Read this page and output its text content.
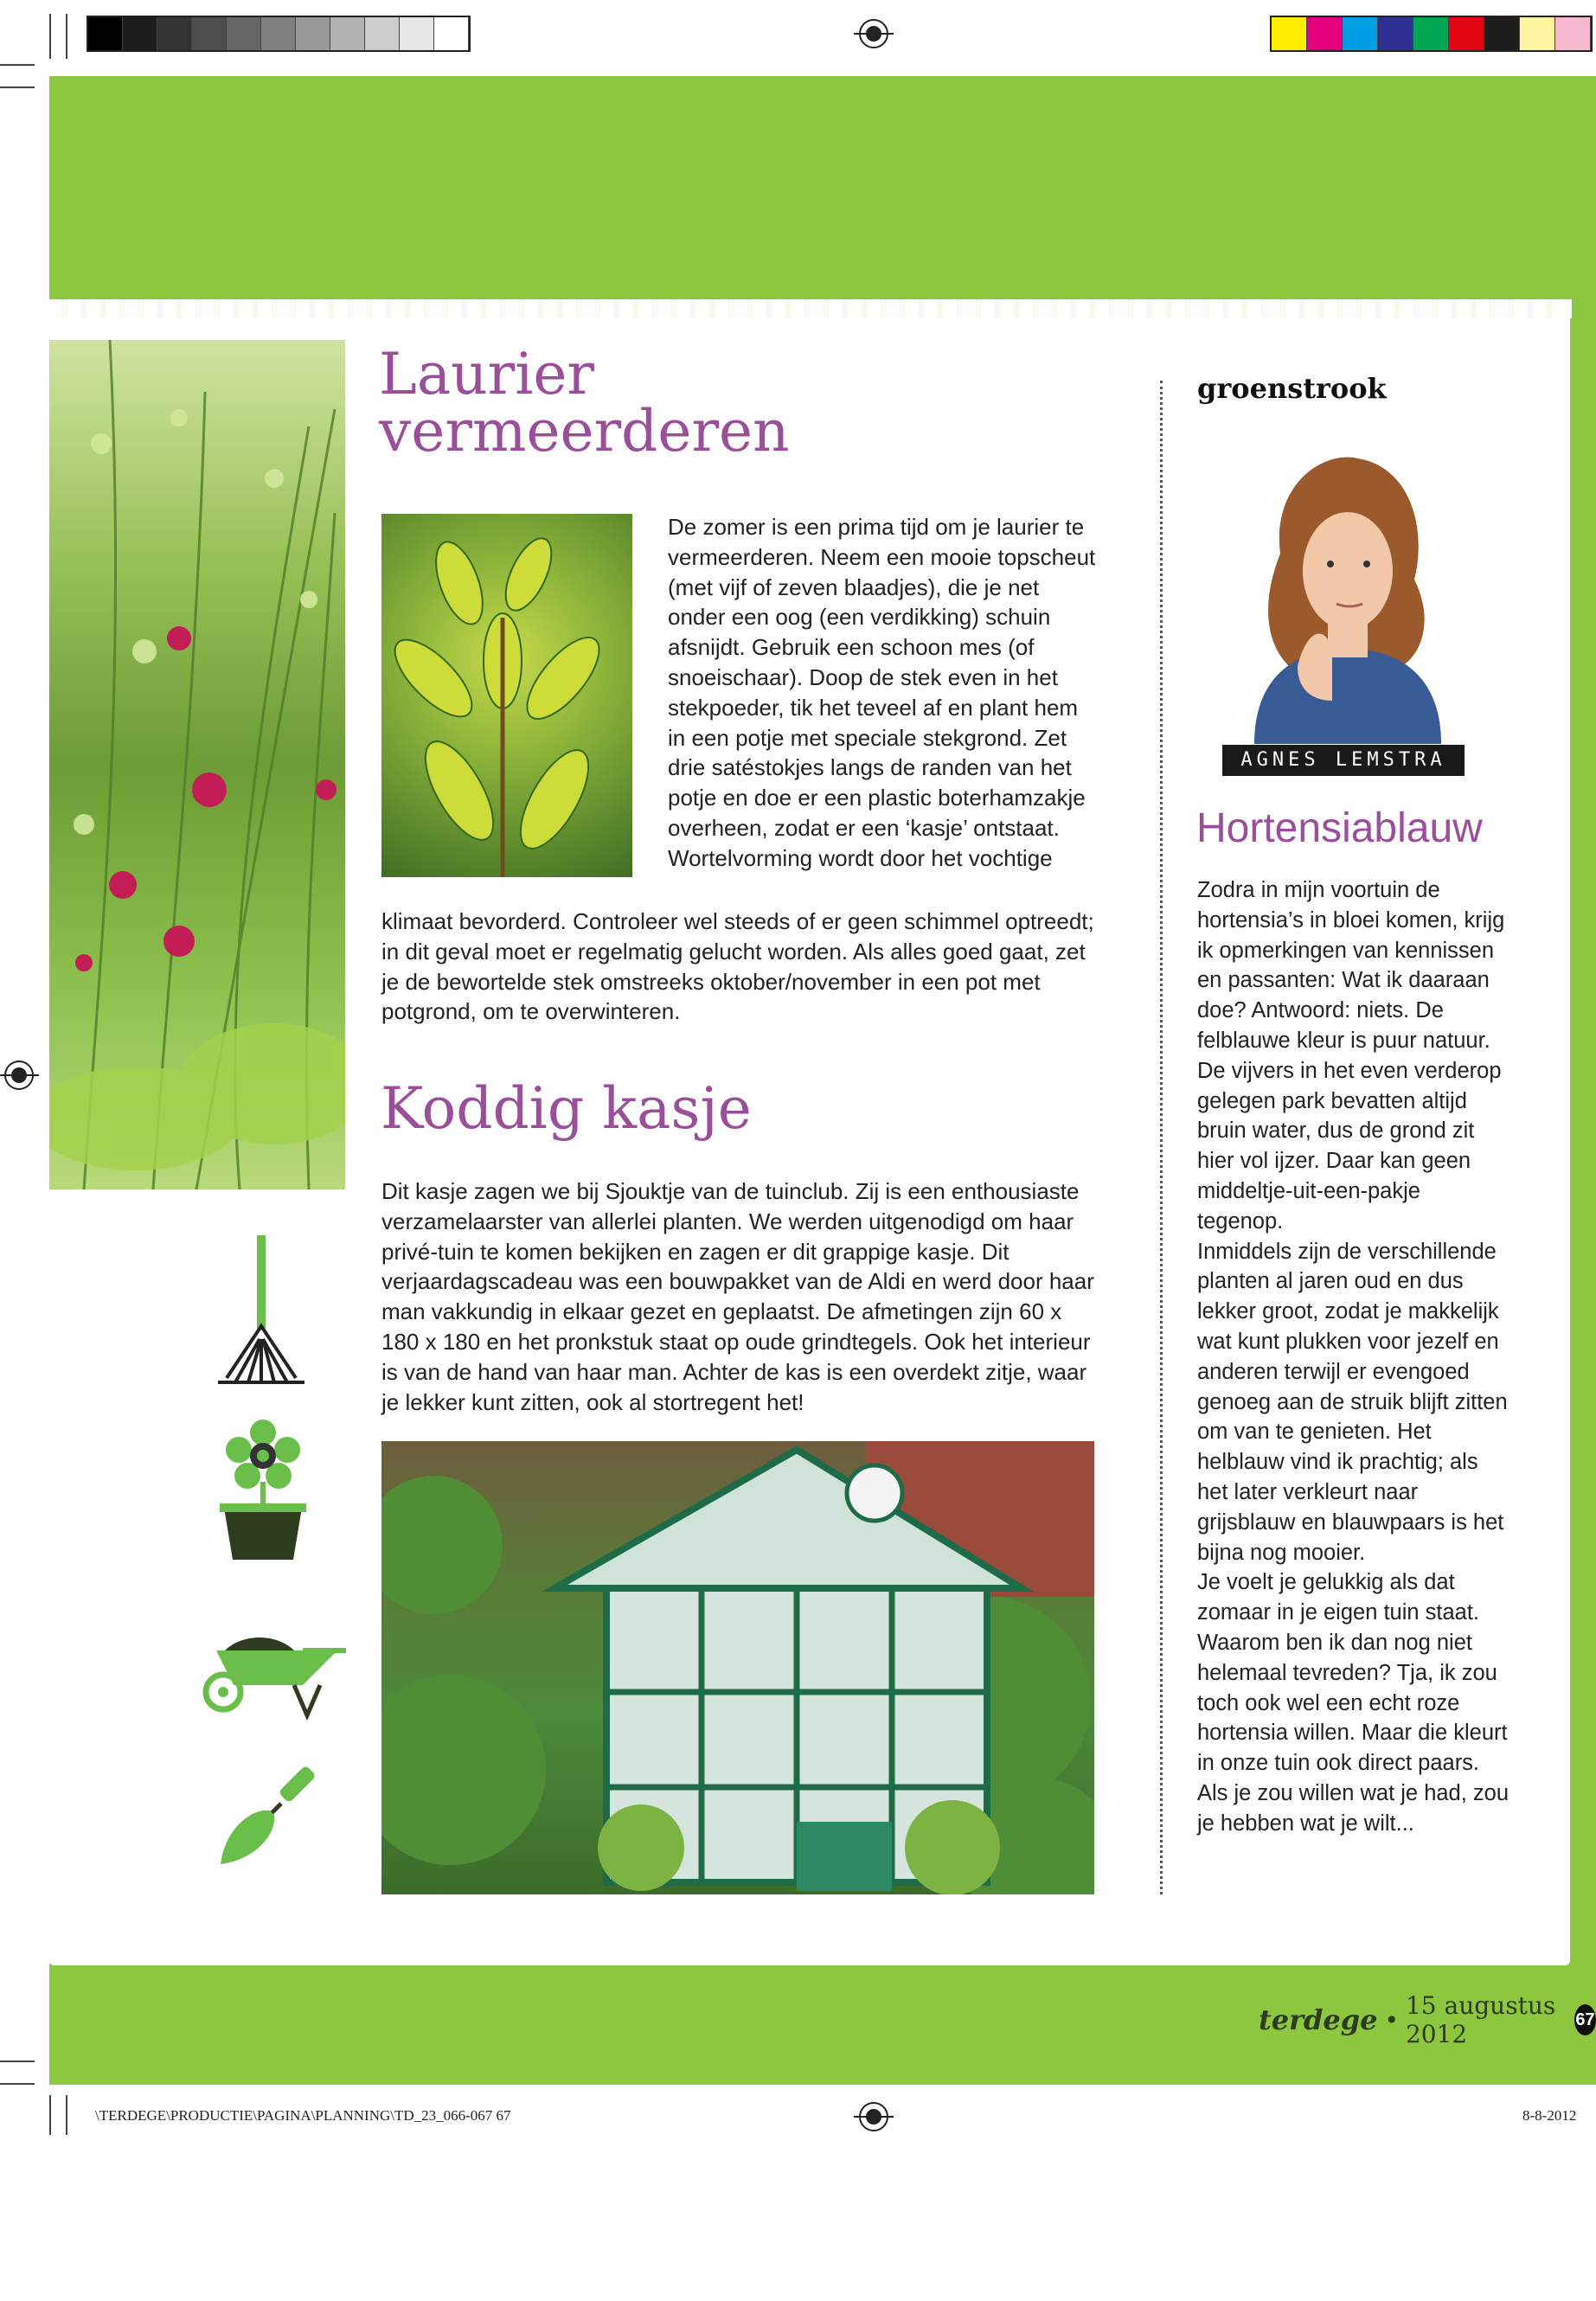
Laurier
vermeerderen
De zomer is een prima tijd om je laurier te vermeerderen. Neem een mooie topscheut (met vijf of zeven blaadjes), die je net onder een oog (een verdikking) schuin afsnijdt. Gebruik een schoon mes (of snoeischaar). Doop de stek even in het stekpoeder, tik het teveel af en plant hem in een potje met speciale stekgrond. Zet drie satéstokjes langs de randen van het potje en doe er een plastic boterhamzakje overheen, zodat er een ‘kasje’ ontstaat. Wortelvorming wordt door het vochtige
klimaat bevorderd. Controleer wel steeds of er geen schimmel optreedt; in dit geval moet er regelmatig gelucht worden. Als alles goed gaat, zet je de bewortelde stek omstreeks oktober/november in een pot met potgrond, om te overwinteren.
Koddig kasje
Dit kasje zagen we bij Sjouktje van de tuinclub. Zij is een enthousiaste verzamelaarster van allerlei planten. We werden uitgenodigd om haar privé-tuin te komen bekijken en zagen er dit grappige kasje. Dit verjaardagscadeau was een bouwpakket van de Aldi en werd door haar man vakkundig in elkaar gezet en geplaatst. De afmetingen zijn 60 x 180 x 180 en het pronkstuk staat op oude grindtegels. Ook het interieur is van de hand van haar man. Achter de kas is een overdekt zitje, waar je lekker kunt zitten, ook al stortregent het!
groenstrook
AGNES LEMSTRA
Hortensiablauw

Zodra in mijn voortuin de hortensia’s in bloei komen, krijg ik opmerkingen van kennissen en passanten: Wat ik daaraan doe? Antwoord: niets. De felblauwe kleur is puur natuur. De vijvers in het even verderop gelegen park bevatten altijd bruin water, dus de grond zit hier vol ijzer. Daar kan geen middeltje-uit-een-pakje tegenop.

Inmiddels zijn de verschillende planten al jaren oud en dus lekker groot, zodat je makkelijk wat kunt plukken voor jezelf en anderen terwijl er evengoed genoeg aan de struik blijft zitten om van te genieten. Het helblauw vind ik prachtig; als het later verkleurt naar grijsblauw en blauwpaars is het bijna nog mooier.

Je voelt je gelukkig als dat zomaar in je eigen tuin staat. Waarom ben ik dan nog niet helemaal tevreden? Tja, ik zou toch ook wel een echt roze hortensia willen. Maar die kleurt in onze tuin ook direct paars. Als je zou willen wat je had, zou je hebben wat je wilt...

terdege • 15 augustus 2012
67
\TERDEGE\PRODUCTIE\PAGINA\PLANNING\TD_23_066-067 67	8-8-2012
